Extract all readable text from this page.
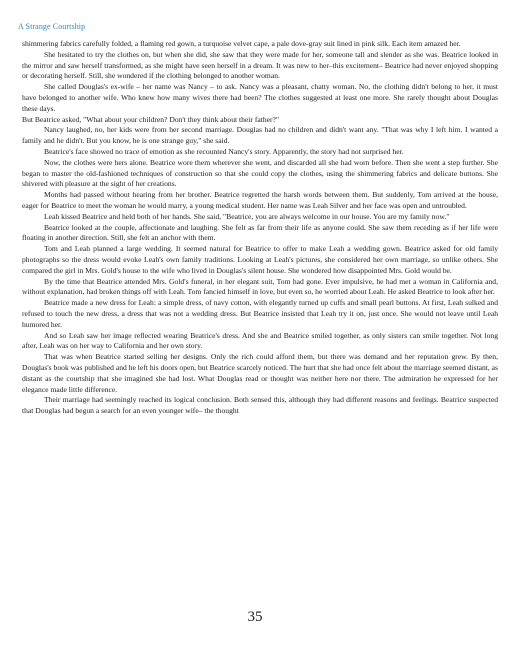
A Strange Courtship

shimmering fabrics carefully folded, a flaming red gown, a turquoise velvet cape, a pale dove-gray suit lined in pink silk. Each item amazed her.

She hesitated to try the clothes on, but when she did, she saw that they were made for her, someone tall and slender as she was. Beatrice looked in the mirror and saw herself transformed, as she might have seen herself in a dream. It was new to her–this excitement– Beatrice had never enjoyed shopping or decorating herself. Still, she wondered if the clothing belonged to another woman.

She called Douglas's ex-wife – her name was Nancy – to ask. Nancy was a pleasant, chatty woman. No, the clothing didn't belong to her, it must have belonged to another wife. Who knew how many wives there had been? The clothes suggested at least one more. She rarely thought about Douglas these days.

But Beatrice asked, "What about your children? Don't they think about their father?"

Nancy laughed, no, her kids were from her second marriage. Douglas had no children and didn't want any. "That was why I left him. I wanted a family and he didn't. But you know, he is one strange guy," she said.

Beatrice's face showed no trace of emotion as she recounted Nancy's story. Apparently, the story had not surprised her.

Now, the clothes were hers alone. Beatrice wore them wherever she went, and discarded all she had worn before. Then she went a step further. She began to master the old-fashioned techniques of construction so that she could copy the clothes, using the shimmering fabrics and delicate buttons. She shivered with pleasure at the sight of her creations.

Months had passed without hearing from her brother. Beatrice regretted the harsh words between them. But suddenly, Tom arrived at the house, eager for Beatrice to meet the woman he would marry, a young medical student. Her name was Leah Silver and her face was open and untroubled.

Leah kissed Beatrice and held both of her hands. She said, "Beatrice, you are always welcome in our house. You are my family now."

Beatrice looked at the couple, affectionate and laughing. She felt as far from their life as anyone could. She saw them receding as if her life were floating in another direction. Still, she felt an anchor with them.

Tom and Leah planned a large wedding. It seemed natural for Beatrice to offer to make Leah a wedding gown. Beatrice asked for old family photographs so the dress would evoke Leah's own family traditions. Looking at Leah's pictures, she considered her own marriage, so unlike others. She compared the girl in Mrs. Gold's house to the wife who lived in Douglas's silent house. She wondered how disappointed Mrs. Gold would be.

By the time that Beatrice attended Mrs. Gold's funeral, in her elegant suit, Tom had gone. Ever impulsive, he had met a woman in California and, without explanation, had broken things off with Leah. Tom fancied himself in love, but even so, he worried about Leah. He asked Beatrice to look after her.

Beatrice made a new dress for Leah: a simple dress, of navy cotton, with elegantly turned up cuffs and small pearl buttons. At first, Leah sulked and refused to touch the new dress, a dress that was not a wedding dress. But Beatrice insisted that Leah try it on, just once. She would not leave until Leah humored her.

And so Leah saw her image reflected wearing Beatrice's dress. And she and Beatrice smiled together, as only sisters can smile together. Not long after, Leah was on her way to California and her own story.

That was when Beatrice started selling her designs. Only the rich could afford them, but there was demand and her reputation grew. By then, Douglas's book was published and he left his doors open, but Beatrice scarcely noticed. The hurt that she had once felt about the marriage seemed distant, as distant as the courtship that she imagined she had lost. What Douglas read or thought was neither here nor there. The admiration he expressed for her elegance made little difference.

Their marriage had seemingly reached its logical conclusion. Both sensed this, although they had different reasons and feelings. Beatrice suspected that Douglas had begun a search for an even younger wife– the thought

35
